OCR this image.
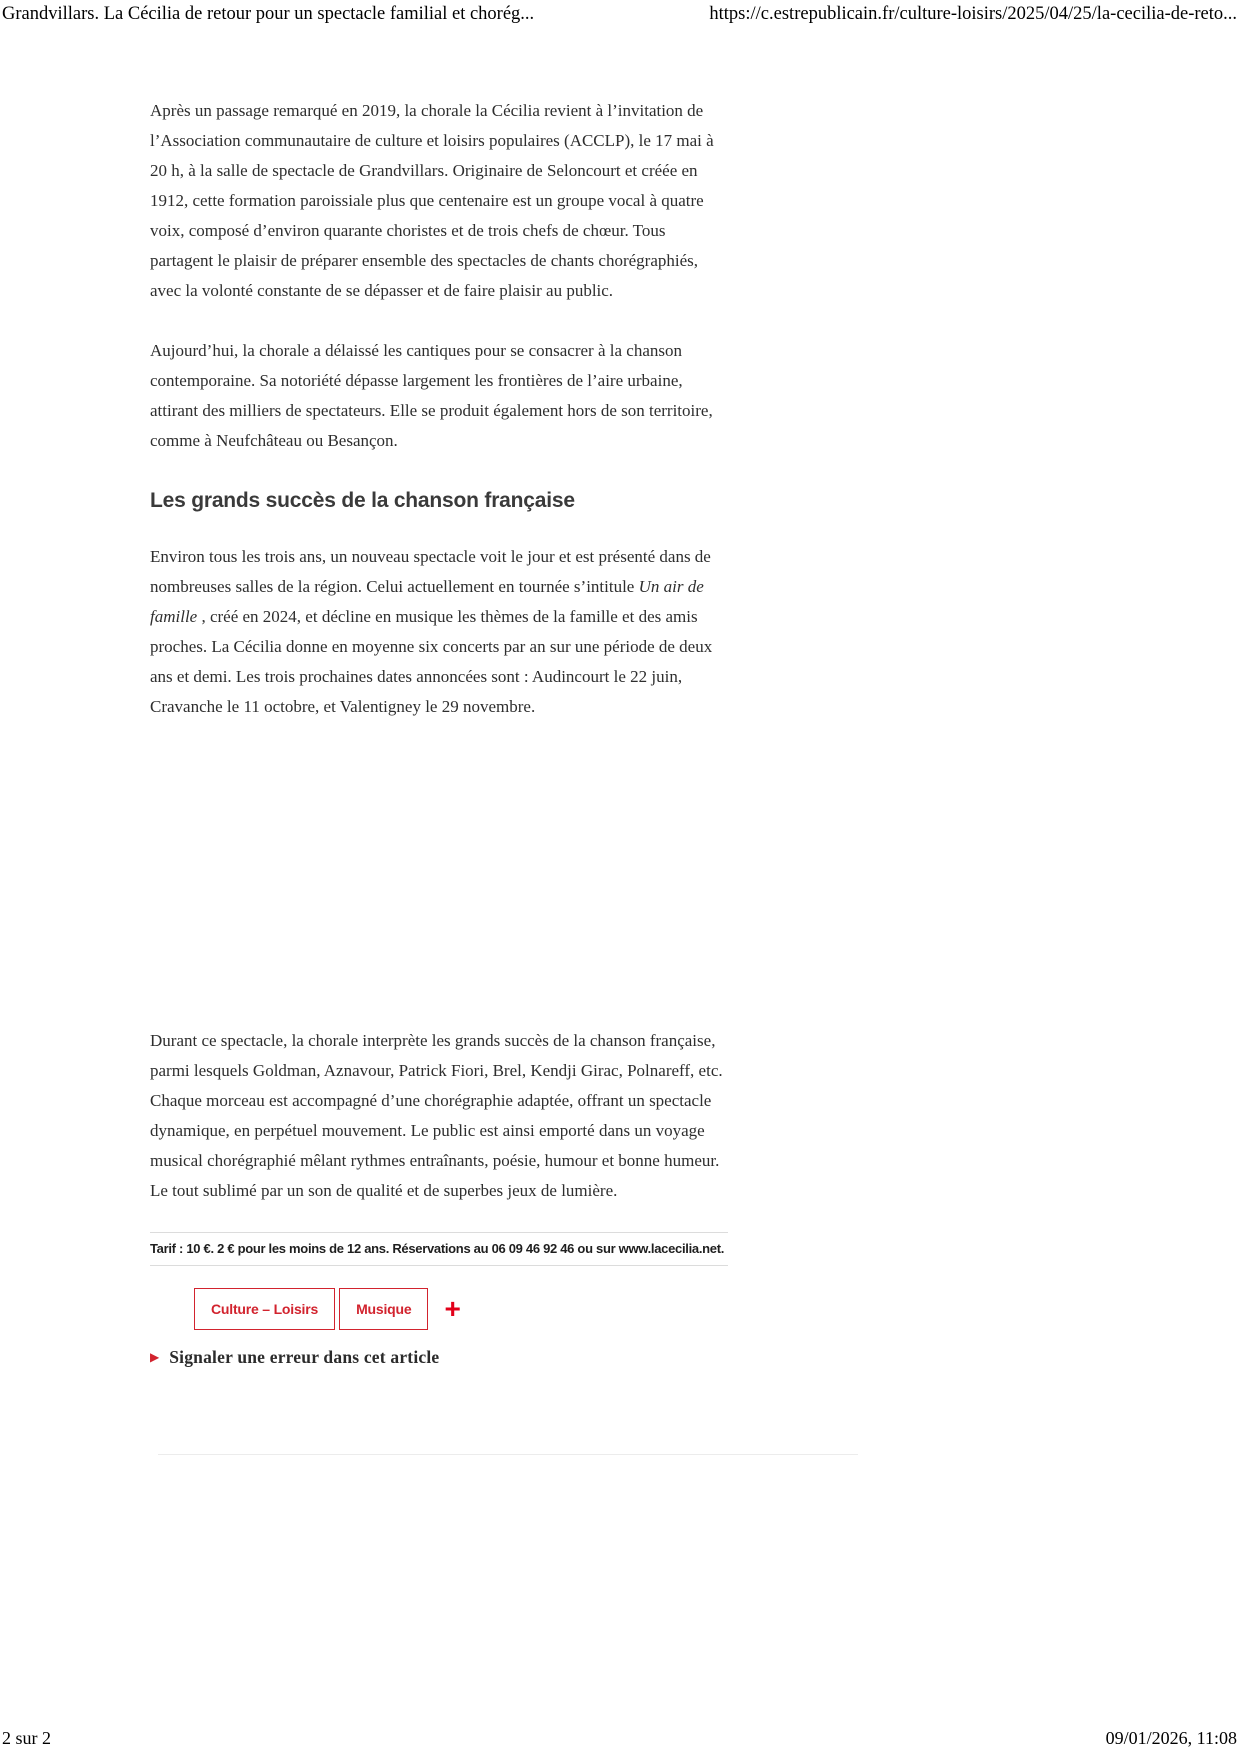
Grandvillars. La Cécilia de retour pour un spectacle familial et chorég...	https://c.estrepublicain.fr/culture-loisirs/2025/04/25/la-cecilia-de-reto...

Après un passage remarqué en 2019, la chorale la Cécilia revient à l’invitation de l’Association communautaire de culture et loisirs populaires (ACCLP), le 17 mai à 20 h, à la salle de spectacle de Grandvillars. Originaire de Seloncourt et créée en 1912, cette formation paroissiale plus que centenaire est un groupe vocal à quatre voix, composé d’environ quarante choristes et de trois chefs de chœur. Tous partagent le plaisir de préparer ensemble des spectacles de chants chorégraphiés, avec la volonté constante de se dépasser et de faire plaisir au public.

Aujourd’hui, la chorale a délaissé les cantiques pour se consacrer à la chanson contemporaine. Sa notoriété dépasse largement les frontières de l’aire urbaine, attirant des milliers de spectateurs. Elle se produit également hors de son territoire, comme à Neufchâteau ou Besançon.

Les grands succès de la chanson française

Environ tous les trois ans, un nouveau spectacle voit le jour et est présenté dans de nombreuses salles de la région. Celui actuellement en tournée s’intitule Un air de famille , créé en 2024, et décline en musique les thèmes de la famille et des amis proches. La Cécilia donne en moyenne six concerts par an sur une période de deux ans et demi. Les trois prochaines dates annoncées sont : Audincourt le 22 juin, Cravanche le 11 octobre, et Valentigney le 29 novembre.

Durant ce spectacle, la chorale interprète les grands succès de la chanson française, parmi lesquels Goldman, Aznavour, Patrick Fiori, Brel, Kendji Girac, Polnareff, etc. Chaque morceau est accompagné d’une chorégraphie adaptée, offrant un spectacle dynamique, en perpétuel mouvement. Le public est ainsi emporté dans un voyage musical chorégraphié mêlant rythmes entraînants, poésie, humour et bonne humeur. Le tout sublimé par un son de qualité et de superbes jeux de lumière.

Tarif : 10 €. 2 € pour les moins de 12 ans. Réservations au 06 09 46 92 46 ou sur www.lacecilia.net.
Culture – Loisirs	Musique	+
▶ Signaler une erreur dans cet article
2 sur 2	09/01/2026, 11:08
